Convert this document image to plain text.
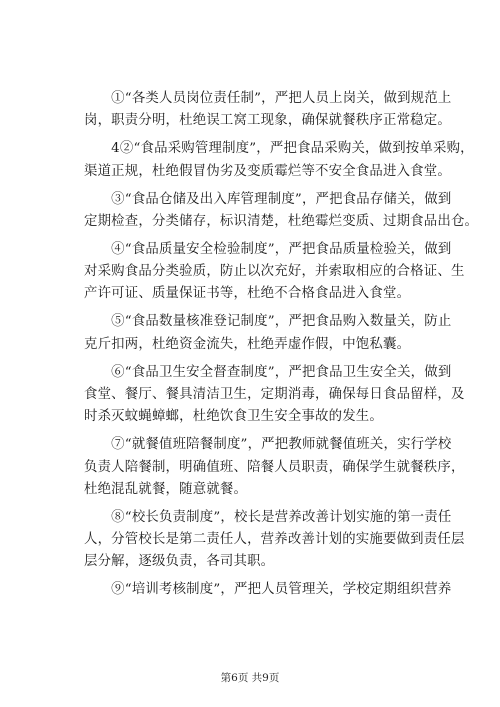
　　①“各类人员岗位责任制”，严把人员上岗关，做到规范上
岗，职责分明，杜绝误工窝工现象，确保就餐秩序正常稳定。

　　4②“食品采购管理制度”，严把食品采购关，做到按单采购，
渠道正规，杜绝假冒伪劣及变质霉烂等不安全食品进入食堂。

　　③“食品仓储及出入库管理制度”，严把食品存储关，做到
定期检查，分类储存，标识清楚，杜绝霉烂变质、过期食品出仓。

　　④“食品质量安全检验制度”，严把食品质量检验关，做到
对采购食品分类验质，防止以次充好，并索取相应的合格证、生
产许可证、质量保证书等，杜绝不合格食品进入食堂。

　　⑤“食品数量核准登记制度”，严把食品购入数量关，防止
克斤扣两，杜绝资金流失，杜绝弄虚作假，中饱私囊。

　　⑥“食品卫生安全督查制度”，严把食品卫生安全关，做到
食堂、餐厅、餐具清洁卫生，定期消毒，确保每日食品留样，及
时杀灭蚊蝇蟑螂，杜绝饮食卫生安全事故的发生。

　　⑦“就餐值班陪餐制度”，严把教师就餐值班关，实行学校
负责人陪餐制，明确值班、陪餐人员职责，确保学生就餐秩序，
杜绝混乱就餐，随意就餐。

　　⑧“校长负责制度”，校长是营养改善计划实施的第一责任
人，分管校长是第二责任人，营养改善计划的实施要做到责任层
层分解，逐级负责，各司其职。

　　⑨“培训考核制度”，严把人员管理关，学校定期组织营养

第6页 共9页
